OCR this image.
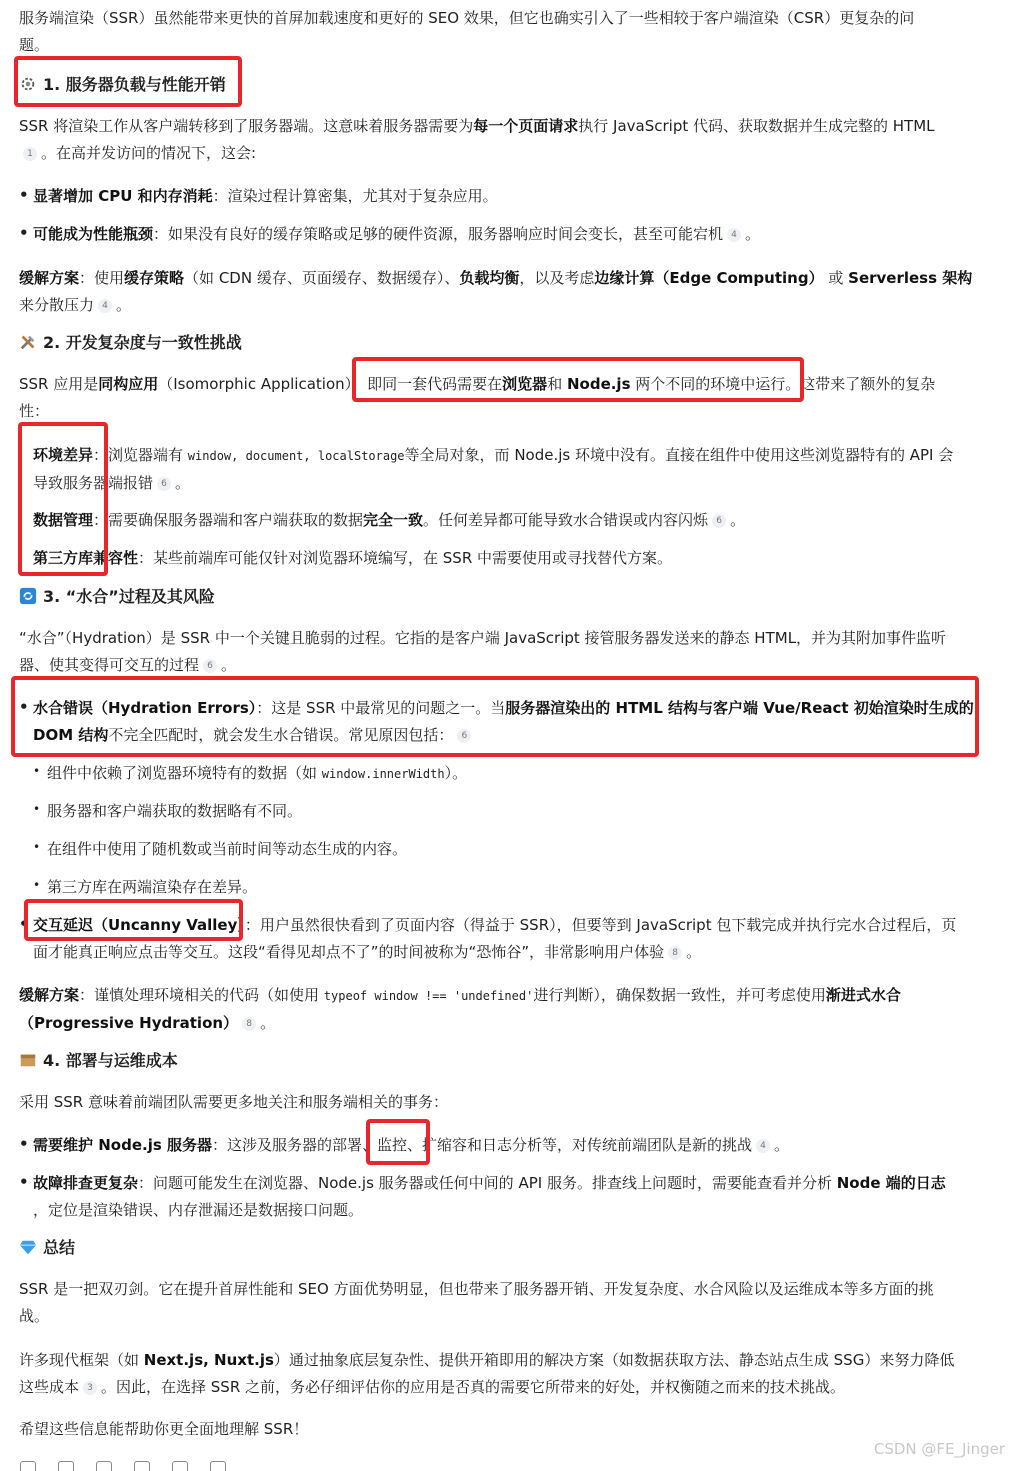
服务端渲染（SSR）虽然能带来更快的首屏加载速度和更好的 SEO 效果，但它也确实引入了一些相较于客户端渲染（CSR）更复杂的问
题。
1. 服务器负载与性能开销
SSR 将渲染工作从客户端转移到了服务器端。这意味着服务器需要为每一个页面请求执行 JavaScript 代码、获取数据并生成完整的 HTML
1 。在高并发访问的情况下，这会:
• 显著增加 CPU 和内存消耗：渲染过程计算密集，尤其对于复杂应用。
• 可能成为性能瓶颈：如果没有良好的缓存策略或足够的硬件资源，服务器响应时间会变长，甚至可能宕机 4 。
缓解方案：使用缓存策略（如 CDN 缓存、页面缓存、数据缓存）、负载均衡，以及考虑边缘计算（Edge Computing） 或 Serverless 架构
来分散压力 4 。
2. 开发复杂度与一致性挑战
SSR 应用是同构应用（Isomorphic Application），即同一套代码需要在浏览器和 Node.js 两个不同的环境中运行。这带来了额外的复杂
性：
环境差异：浏览器端有 window, document, localStorage等全局对象，而 Node.js 环境中没有。直接在组件中使用这些浏览器特有的 API 会
导致服务器端报错 6 。
数据管理：需要确保服务器端和客户端获取的数据完全一致。任何差异都可能导致水合错误或内容闪烁 6 。
第三方库兼容性：某些前端库可能仅针对浏览器环境编写，在 SSR 中需要使用或寻找替代方案。
3. “水合”过程及其风险
“水合”（Hydration）是 SSR 中一个关键且脆弱的过程。它指的是客户端 JavaScript 接管服务器发送来的静态 HTML，并为其附加事件监听
器、使其变得可交互的过程 6 。
• 水合错误（Hydration Errors）：这是 SSR 中最常见的问题之一。当服务器渲染出的 HTML 结构与客户端 Vue/React 初始渲染时生成的
DOM 结构不完全匹配时，就会发生水合错误。常见原因包括： 6
• 组件中依赖了浏览器环境特有的数据（如 window.innerWidth）。
• 服务器和客户端获取的数据略有不同。
• 在组件中使用了随机数或当前时间等动态生成的内容。
• 第三方库在两端渲染存在差异。
• 交互延迟（Uncanny Valley）：用户虽然很快看到了页面内容（得益于 SSR），但要等到 JavaScript 包下载完成并执行完水合过程后，页
面才能真正响应点击等交互。这段“看得见却点不了”的时间被称为“恐怖谷”，非常影响用户体验 8 。
缓解方案：谨慎处理环境相关的代码（如使用 typeof window !== 'undefined'进行判断），确保数据一致性，并可考虑使用渐进式水合
（Progressive Hydration） 8 。
4. 部署与运维成本
采用 SSR 意味着前端团队需要更多地关注和服务端相关的事务：
• 需要维护 Node.js 服务器：这涉及服务器的部署、监控、扩缩容和日志分析等，对传统前端团队是新的挑战 4 。
• 故障排查更复杂：问题可能发生在浏览器、Node.js 服务器或任何中间的 API 服务。排查线上问题时，需要能查看并分析 Node 端的日志
，定位是渲染错误、内存泄漏还是数据接口问题。
总结
SSR 是一把双刃剑。它在提升首屏性能和 SEO 方面优势明显，但也带来了服务器开销、开发复杂度、水合风险以及运维成本等多方面的挑
战。
许多现代框架（如 Next.js, Nuxt.js）通过抽象底层复杂性、提供开箱即用的解决方案（如数据获取方法、静态站点生成 SSG）来努力降低
这些成本 3 。因此，在选择 SSR 之前，务必仔细评估你的应用是否真的需要它所带来的好处，并权衡随之而来的技术挑战。
希望这些信息能帮助你更全面地理解 SSR！
CSDN @FE_Jinger
